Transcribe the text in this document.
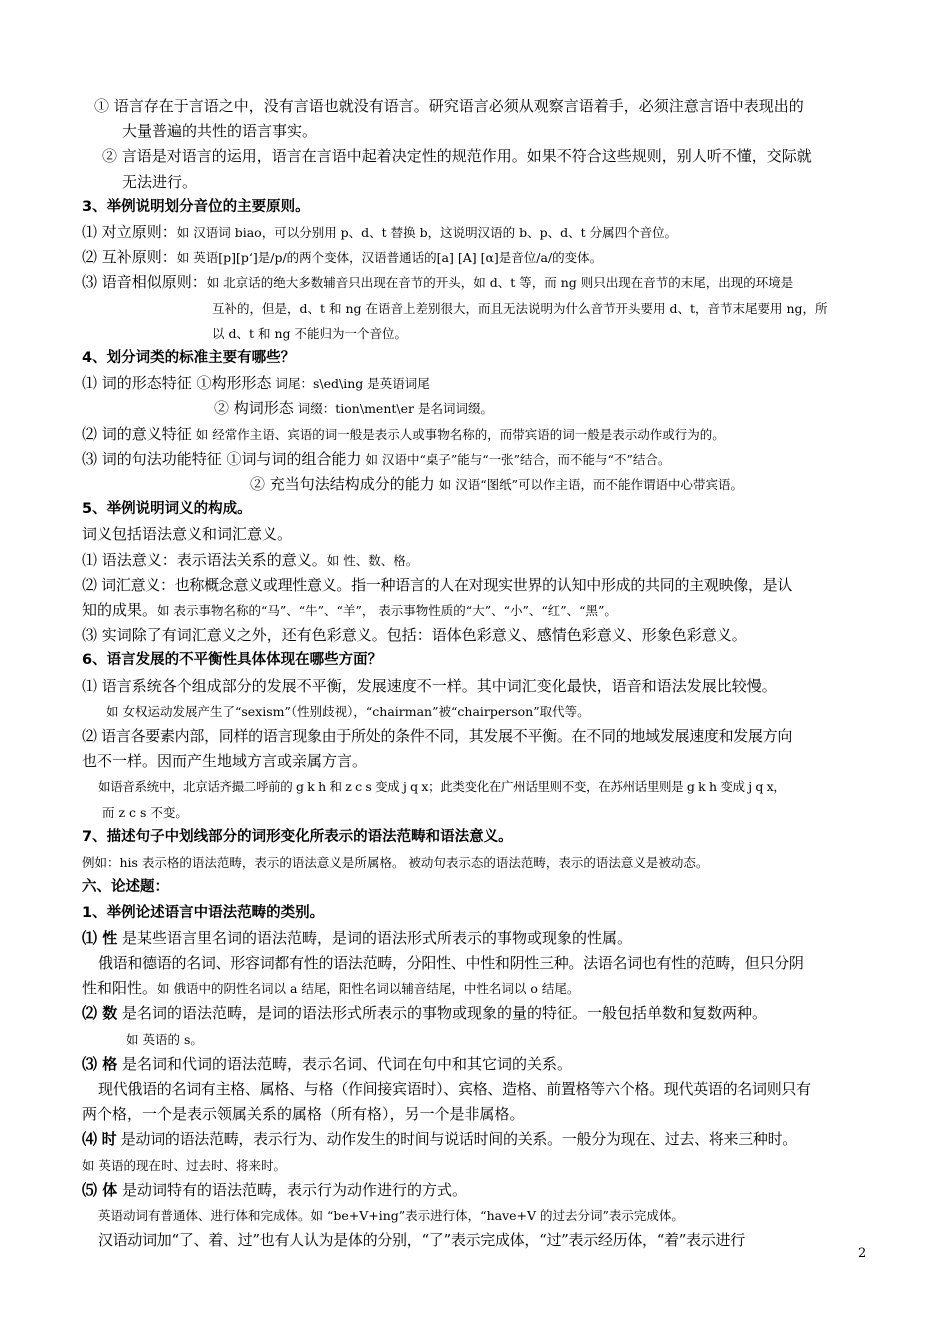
① 语言存在于言语之中，没有言语也就没有语言。研究语言必须从观察言语着手，必须注意言语中表现出的

大量普遍的共性的语言事实。

② 言语是对语言的运用，语言在言语中起着决定性的规范作用。如果不符合这些规则，别人听不懂，交际就

无法进行。

3、举例说明划分音位的主要原则。

⑴ 对立原则：如 汉语词 biao，可以分别用 p、d、t 替换 b，这说明汉语的 b、p、d、t 分属四个音位。

⑵ 互补原则：如 英语[p][pʻ]是/p/的两个变体，汉语普通话的[a] [A] [α]是音位/a/的变体。

⑶ 语音相似原则：如 北京话的绝大多数辅音只出现在音节的开头，如 d、t 等，而 ng 则只出现在音节的末尾，出现的环境是

互补的，但是，d、t 和 ng 在语音上差别很大，而且无法说明为什么音节开头要用 d、t，音节末尾要用 ng，所

以 d、t 和 ng 不能归为一个音位。

4、划分词类的标准主要有哪些？

⑴ 词的形态特征 ①构形形态 词尾：s\ed\ing 是英语词尾

② 构词形态 词缀：tion\ment\er 是名词词缀。

⑵ 词的意义特征 如 经常作主语、宾语的词一般是表示人或事物名称的，而带宾语的词一般是表示动作或行为的。

⑶ 词的句法功能特征 ①词与词的组合能力 如 汉语中“桌子”能与“一张”结合，而不能与“不”结合。

② 充当句法结构成分的能力 如 汉语“图纸”可以作主语，而不能作谓语中心带宾语。

5、举例说明词义的构成。

词义包括语法意义和词汇意义。

⑴ 语法意义：表示语法关系的意义。如 性、数、格。

⑵ 词汇意义：也称概念意义或理性意义。指一种语言的人在对现实世界的认知中形成的共同的主观映像，是认

知的成果。如 表示事物名称的“马”、“牛”、“羊”， 表示事物性质的“大”、“小”、“红”、“黑”。

⑶ 实词除了有词汇意义之外，还有色彩意义。包括：语体色彩意义、感情色彩意义、形象色彩意义。

6、语言发展的不平衡性具体体现在哪些方面？

⑴ 语言系统各个组成部分的发展不平衡，发展速度不一样。其中词汇变化最快，语音和语法发展比较慢。

如 女权运动发展产生了“sexism”（性别歧视），“chairman”被“chairperson”取代等。

⑵ 语言各要素内部，同样的语言现象由于所处的条件不同，其发展不平衡。在不同的地域发展速度和发展方向

也不一样。因而产生地域方言或亲属方言。

如语音系统中，北京话齐撮二呼前的 g k h 和 z c s 变成 j q x；此类变化在广州话里则不变，在苏州话里则是 g k h 变成 j q x，

而 z c s 不变。

7、描述句子中划线部分的词形变化所表示的语法范畴和语法意义。

例如：his 表示格的语法范畴，表示的语法意义是所属格。 被动句表示态的语法范畴，表示的语法意义是被动态。

六、论述题：

1、举例论述语言中语法范畴的类别。

⑴ 性 是某些语言里名词的语法范畴，是词的语法形式所表示的事物或现象的性属。

俄语和德语的名词、形容词都有性的语法范畴，分阳性、中性和阴性三种。法语名词也有性的范畴，但只分阴

性和阳性。如 俄语中的阴性名词以 a 结尾，阳性名词以辅音结尾，中性名词以 o 结尾。

⑵ 数 是名词的语法范畴，是词的语法形式所表示的事物或现象的量的特征。一般包括单数和复数两种。

如 英语的 s。

⑶ 格 是名词和代词的语法范畴，表示名词、代词在句中和其它词的关系。

现代俄语的名词有主格、属格、与格（作间接宾语时）、宾格、造格、前置格等六个格。现代英语的名词则只有

两个格，一个是表示领属关系的属格（所有格），另一个是非属格。

⑷ 时 是动词的语法范畴，表示行为、动作发生的时间与说话时间的关系。一般分为现在、过去、将来三种时。

如 英语的现在时、过去时、将来时。

⑸ 体 是动词特有的语法范畴，表示行为动作进行的方式。

英语动词有普通体、进行体和完成体。如 “be+V+ing”表示进行体，“have+V 的过去分词”表示完成体。

汉语动词加“了、着、过”也有人认为是体的分别，“了”表示完成体，“过”表示经历体，“着”表示进行

2
